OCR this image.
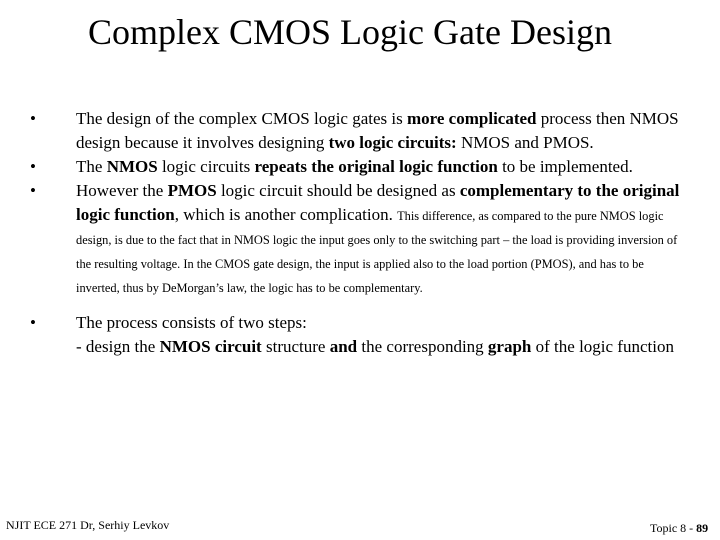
Complex CMOS Logic Gate Design
• The design of the complex CMOS logic gates is more complicated process then NMOS design because it involves designing two logic circuits: NMOS and PMOS.
• The NMOS logic circuits repeats the original logic function to be implemented.
• However the PMOS logic circuit should be designed as complementary to the original logic function, which is another complication. This difference, as compared to the pure NMOS logic design, is due to the fact that in NMOS logic the input goes only to the switching part – the load is providing inversion of the resulting voltage. In the CMOS gate design, the input is applied also to the load portion (PMOS), and has to be inverted, thus by DeMorgan’s law, the logic has to be complementary.
• The process consists of two steps:
- design the NMOS circuit structure and the corresponding graph of the logic function
NJIT ECE 271 Dr, Serhiy Levkov	Topic 8 - 89
